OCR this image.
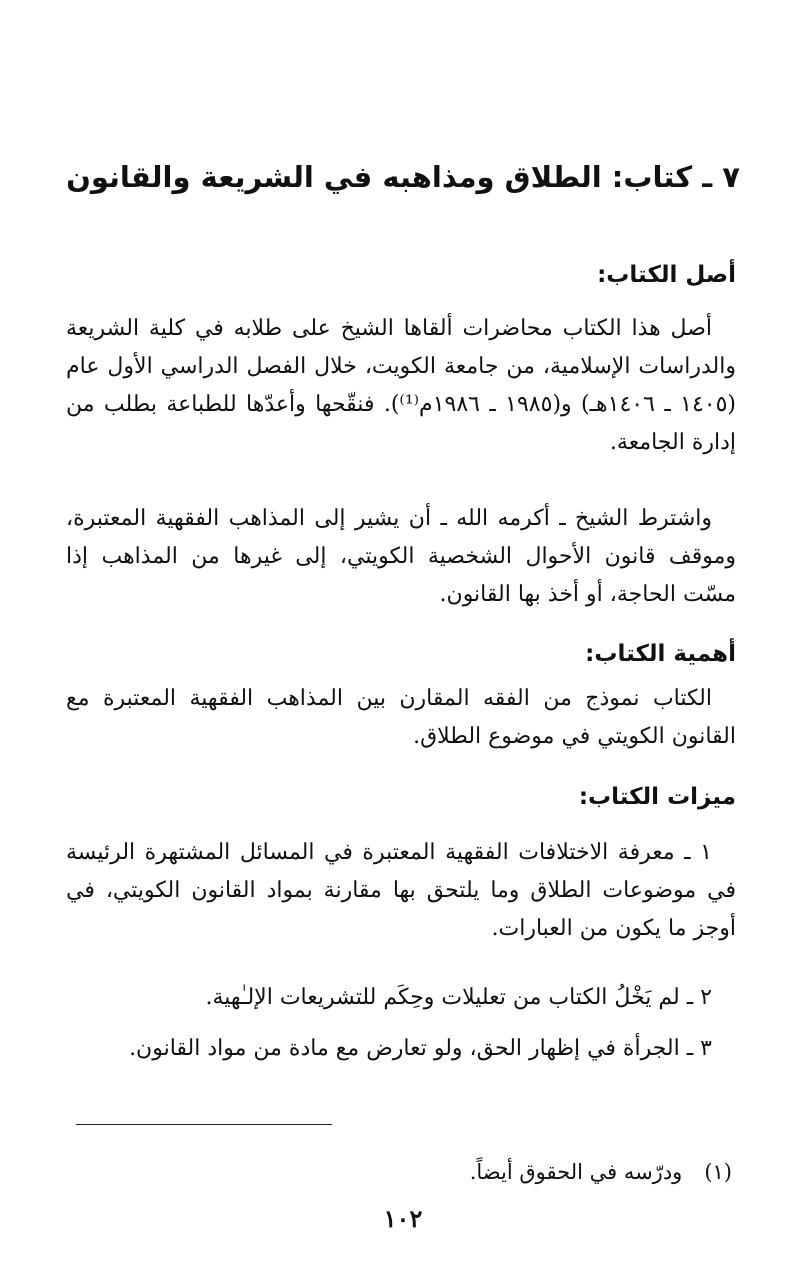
٧ ـ كتاب: الطلاق ومذاهبه في الشريعة والقانون
أصل الكتاب:
أصل هذا الكتاب محاضرات ألقاها الشيخ على طلابه في كلية الشريعة والدراسات الإسلامية، من جامعة الكويت، خلال الفصل الدراسي الأول عام (١٤٠٥ ـ ١٤٠٦هـ) و(١٩٨٥ ـ ١٩٨٦م⁽¹⁾). فنقّحها وأعدّها للطباعة بطلب من إدارة الجامعة.
واشترط الشيخ ـ أكرمه الله ـ أن يشير إلى المذاهب الفقهية المعتبرة، وموقف قانون الأحوال الشخصية الكويتي، إلى غيرها من المذاهب إذا مسّت الحاجة، أو أخذ بها القانون.
أهمية الكتاب:
الكتاب نموذج من الفقه المقارن بين المذاهب الفقهية المعتبرة مع القانون الكويتي في موضوع الطلاق.
ميزات الكتاب:
١ ـ معرفة الاختلافات الفقهية المعتبرة في المسائل المشتهرة الرئيسة في موضوعات الطلاق وما يلتحق بها مقارنة بمواد القانون الكويتي، في أوجز ما يكون من العبارات.
٢ ـ لم يَخْلُ الكتاب من تعليلات وحِكَم للتشريعات الإلـٰهية.
٣ ـ الجرأة في إظهار الحق، ولو تعارض مع مادة من مواد القانون.
(١)ودرّسه في الحقوق أيضاً.
١٠٢
